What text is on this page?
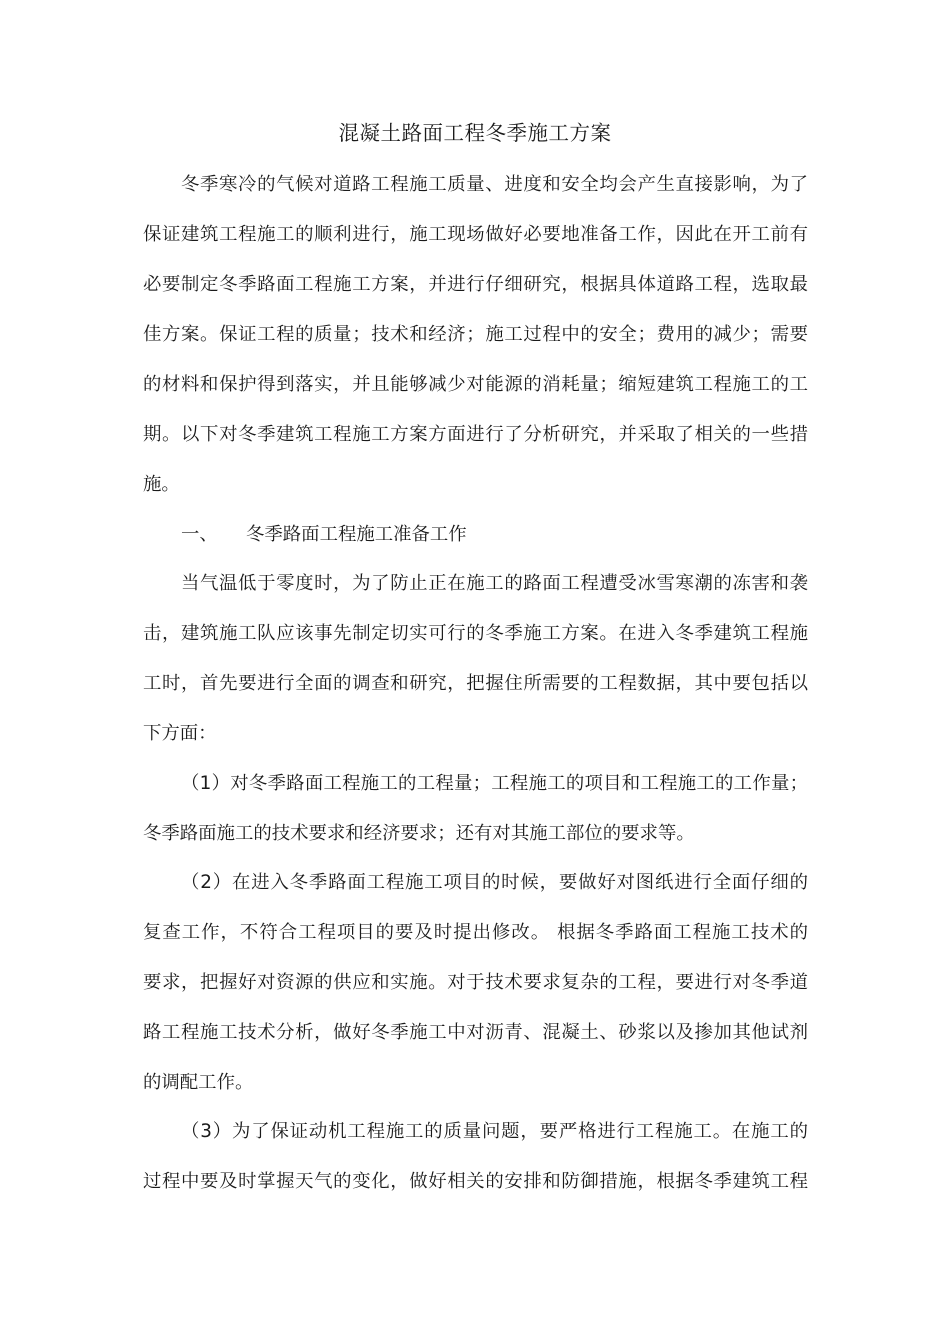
混凝土路面工程冬季施工方案
冬季寒冷的气候对道路工程施工质量、进度和安全均会产生直接影响，为了
保证建筑工程施工的顺利进行，施工现场做好必要地准备工作，因此在开工前有
必要制定冬季路面工程施工方案，并进行仔细研究，根据具体道路工程，选取最
佳方案。保证工程的质量；技术和经济；施工过程中的安全；费用的减少；需要
的材料和保护得到落实，并且能够减少对能源的消耗量；缩短建筑工程施工的工
期。以下对冬季建筑工程施工方案方面进行了分析研究，并采取了相关的一些措
施。
一、 冬季路面工程施工准备工作
当气温低于零度时，为了防止正在施工的路面工程遭受冰雪寒潮的冻害和袭
击，建筑施工队应该事先制定切实可行的冬季施工方案。在进入冬季建筑工程施
工时，首先要进行全面的调查和研究，把握住所需要的工程数据，其中要包括以
下方面：
（1）对冬季路面工程施工的工程量；工程施工的项目和工程施工的工作量；
冬季路面施工的技术要求和经济要求；还有对其施工部位的要求等。
（2）在进入冬季路面工程施工项目的时候，要做好对图纸进行全面仔细的
复查工作，不符合工程项目的要及时提出修改。 根据冬季路面工程施工技术的
要求，把握好对资源的供应和实施。对于技术要求复杂的工程，要进行对冬季道
路工程施工技术分析，做好冬季施工中对沥青、混凝土、砂浆以及掺加其他试剂
的调配工作。
（3）为了保证动机工程施工的质量问题，要严格进行工程施工。在施工的
过程中要及时掌握天气的变化，做好相关的安排和防御措施，根据冬季建筑工程
